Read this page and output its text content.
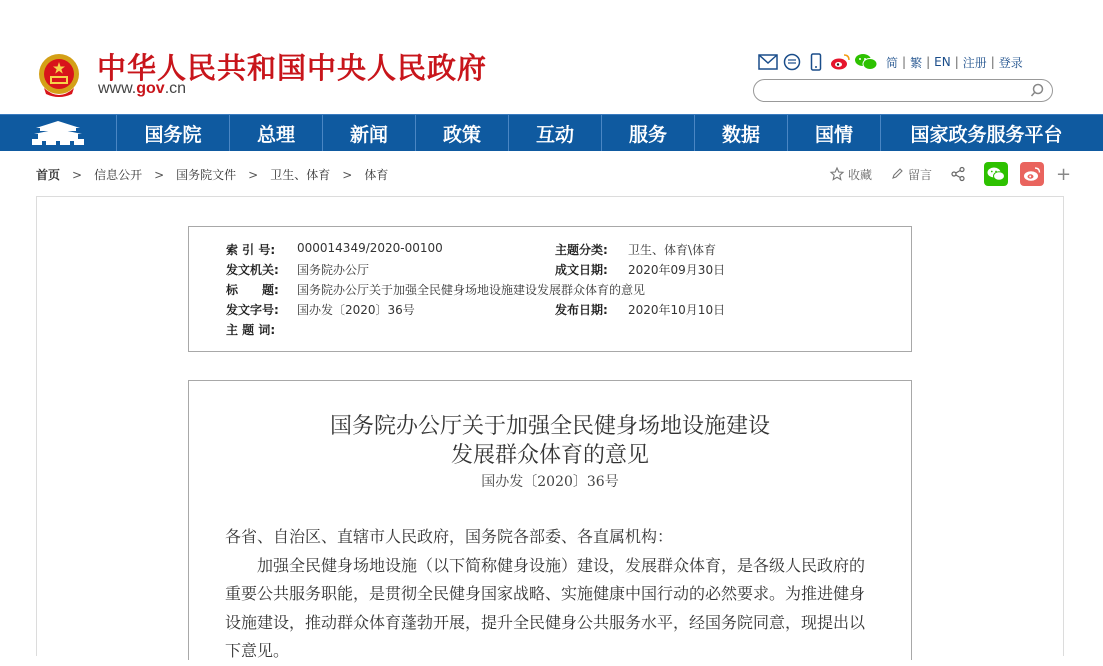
中华人民共和国中央人民政府
www.gov.cn
简 | 繁 | EN | 注册 | 登录
国务院	总理	新闻	政策	互动	服务	数据	国情	国家政务服务平台
首页 > 信息公开 > 国务院文件 > 卫生、体育 > 体育	收藏	留言	+
索 引 号: 000014349/2020-00100	主题分类: 卫生、体育\体育
发文机关: 国务院办公厅	成文日期: 2020年09月30日
标　　题: 国务院办公厅关于加强全民健身场地设施建设发展群众体育的意见
发文字号: 国办发〔2020〕36号	发布日期: 2020年10月10日
主 题 词:
国务院办公厅关于加强全民健身场地设施建设
发展群众体育的意见
国办发〔2020〕36号

各省、自治区、直辖市人民政府，国务院各部委、各直属机构：

加强全民健身场地设施（以下简称健身设施）建设，发展群众体育，是各级人民政府的重要公共服务职能，是贯彻全民健身国家战略、实施健康中国行动的必然要求。为推进健身设施建设，推动群众体育蓬勃开展，提升全民健身公共服务水平，经国务院同意，现提出以下意见。
